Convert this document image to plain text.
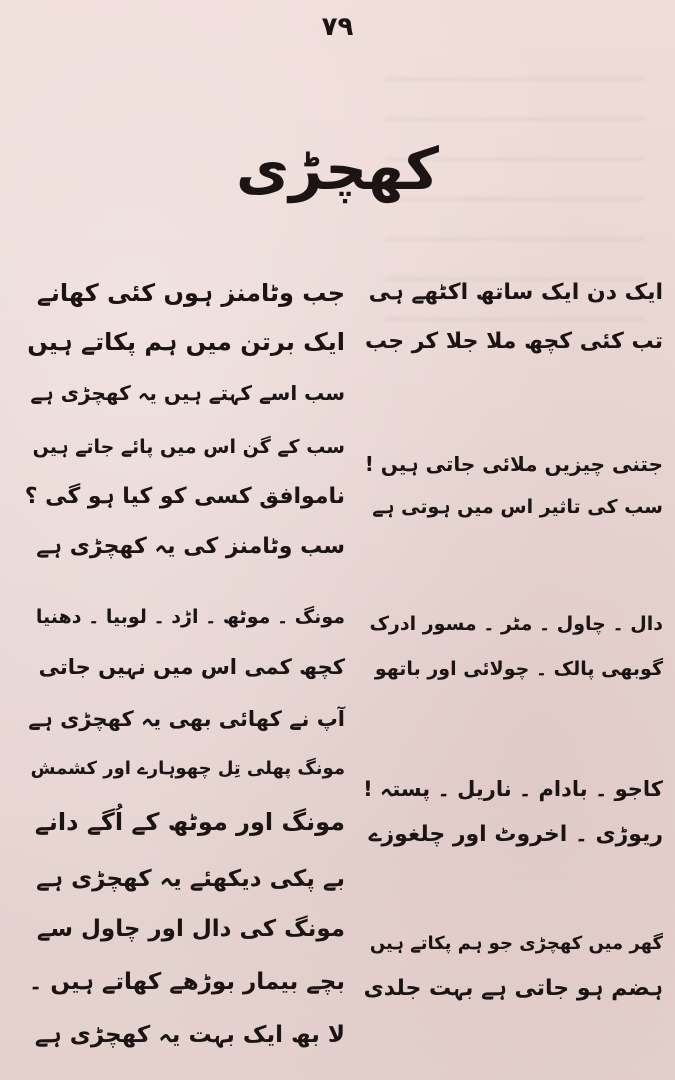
۷۹
کھچڑی
ایک دن ایک ساتھ اکٹھے ہی
تب کئی کچھ ملا جلا کر جب
جتنی چیزیں ملائی جاتی ہیں !
سب کی تاثیر اس میں ہوتی ہے
دال ۔ چاول ۔ مٹر ۔ مسور ادرک
گوبھی پالک ۔ چولائی اور باتھو
کاجو ۔ بادام ۔ ناریل ۔ پستہ !
ریوڑی ۔ اخروٹ اور چلغوزے
گھر میں کھچڑی جو ہم پکاتے ہیں
ہضم ہو جاتی ہے بہت جلدی
جب وٹامنز ہوں کئی کھانے
ایک برتن میں ہم پکاتے ہیں
سب اسے کہتے ہیں یہ کھچڑی ہے
سب کے گن اس میں پائے جاتے ہیں
ناموافق کسی کو کیا ہو گی ؟
سب وٹامنز کی یہ کھچڑی ہے
مونگ ۔ موٹھ ۔ اڑد ۔ لوبیا ۔ دھنیا
کچھ کمی اس میں نہیں جاتی
آپ نے کھائی بھی یہ کھچڑی ہے
مونگ پھلی تِل چھوہارے اور کشمش
مونگ اور موٹھ کے اُگے دانے
بے پکی دیکھئے یہ کھچڑی ہے
مونگ کی دال اور چاول سے
بچے بیمار بوڑھے کھاتے ہیں ۔
لا بھ ایک بہت یہ کھچڑی ہے
